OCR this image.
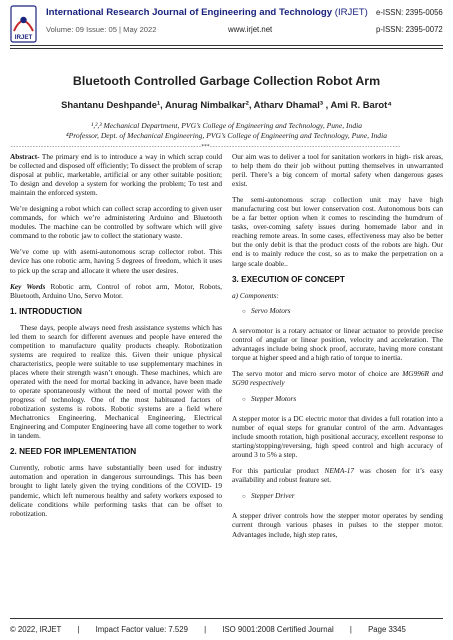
IRJET
International Research Journal of Engineering and Technology (IRJET) e-ISSN: 2395-0056
Volume: 09 Issue: 05 | May 2022	www.irjet.net	p-ISSN: 2395-0072
Bluetooth Controlled Garbage Collection Robot Arm
Shantanu Deshpande¹, Anurag Nimbalkar², Atharv Dhamal³ , Ami R. Barot⁴
¹,²,³ Mechanical Department, PVG’s College of Engineering and Technology, Pune, India
⁴Professor, Dept. of Mechanical Engineering, PVG’s College of Engineering and Technology, Pune, India
---------------------------------------------------------------------***---------------------------------------------------------------------

Abstract- The primary end is to introduce a way in which scrap could be collected and disposed off efficiently; To dissect the problem of scrap disposal at public, marketable, artificial or any other suitable position; To design and develop a system for working the problem; To test and maintain the enforced system.

We’re designing a robot which can collect scrap according to given user commands, for which we’re administering Arduino and Bluetooth modules. The machine can be controlled by software which will give command to the robotic jaw to collect the stationary waste.

We’ve come up with asemi-autonomous scrap collector robot. This device has one robotic arm, having 5 degrees of freedom, which it uses to pick up the scrap and allocate it where the user desires.

Key Words Robotic arm, Control of robot arm, Motor, Robots, Bluetooth, Arduino Uno, Servo Motor.

1. INTRODUCTION

These days, people always need fresh assistance systems which has led them to search for different avenues and people have entered the competition to manufacture quality products cheaply. Robotization systems are required to realize this. Given their unique physical characteristics, people were suitable to use supplementary machines in places where their strength wasn’t enough. These machines, which are operated with the need for mortal backing in advance, have been made to operate spontaneously without the need of mortal power with the progress of technology. One of the most habituated factors of robotization systems is robots. Robotic systems are a field where Mechatronics Engineering, Mechanical Engineering, Electrical Engineering and Computer Engineering have all come together to work in tandem.

2. NEED FOR IMPLEMENTATION

Currently, robotic arms have substantially been used for industry automation and operation in dangerous surroundings. This has been brought to light lately given the trying conditions of the COVID- 19 pandemic, which left numerous healthy and safety workers exposed to delicate conditions while performing tasks that can be offset to robotization.

Our aim was to deliver a tool for sanitation workers in high- risk areas, to help them do their job without putting themselves in unwarranted peril. There’s a big concern of mortal safety when dangerous gases exist.

The semi-autonomous scrap collection unit may have high manufacturing cost but lower conservation cost. Autonomous bots can be a far better option when it comes to rescinding the humdrum of tasks, over-coming safety issues during homemade labor and in reaching remote areas. In some cases, effectiveness may also be better but the only debit is that the product costs of the robots are high. Our end is to mainly reduce the cost, so as to make the perpetration on a large scale doable..

3. EXECUTION OF CONCEPT

a) Components:

○ Servo Motors

A servomotor is a rotary actuator or linear actuator to provide precise control of angular or linear position, velocity and acceleration. The advantages include being shock proof, accurate, having more constant torque at higher speed and a high ratio of torque to inertia.

The servo motor and micro servo motor of choice are MG996R and SG90 respectively

○ Stepper Motors

A stepper motor is a DC electric motor that divides a full rotation into a number of equal steps for granular control of the arm. Advantages include smooth rotation, high positional accuracy, excellent response to starting/stopping/reversing, high speed control and high accuracy of around 3 to 5% a step.

For this particular product NEMA-17 was chosen for it’s easy availability and robust feature set.

○ Stepper Driver

A stepper driver controls how the stepper motor operates by sending current through various phases in pulses to the stepper motor. Advantages include, high step rates,

© 2022, IRJET | Impact Factor value: 7.529 | ISO 9001:2008 Certified Journal | Page 3345
